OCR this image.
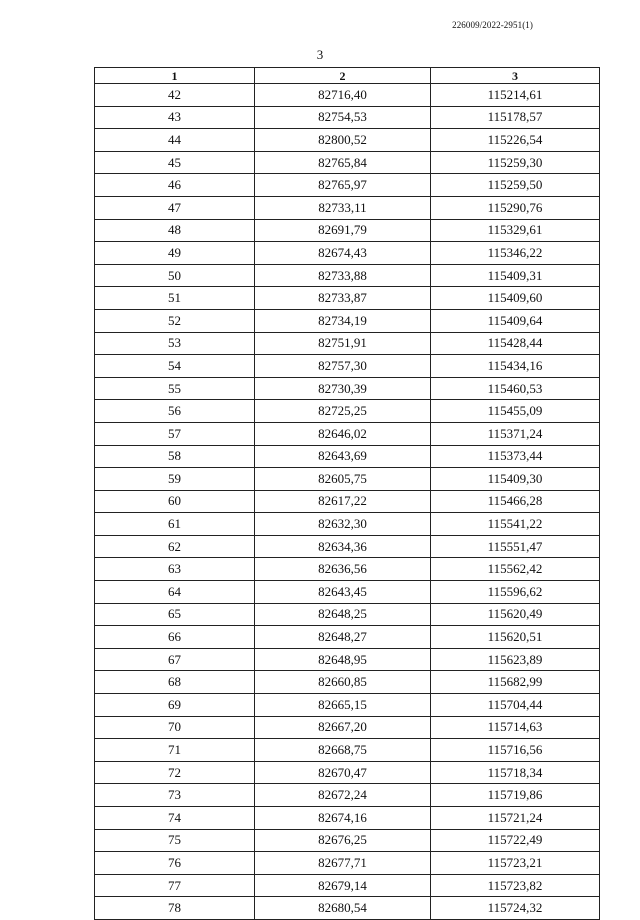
226009/2022-2951(1)
3
1	2	3
42	82716,40	115214,61
43	82754,53	115178,57
44	82800,52	115226,54
45	82765,84	115259,30
46	82765,97	115259,50
47	82733,11	115290,76
48	82691,79	115329,61
49	82674,43	115346,22
50	82733,88	115409,31
51	82733,87	115409,60
52	82734,19	115409,64
53	82751,91	115428,44
54	82757,30	115434,16
55	82730,39	115460,53
56	82725,25	115455,09
57	82646,02	115371,24
58	82643,69	115373,44
59	82605,75	115409,30
60	82617,22	115466,28
61	82632,30	115541,22
62	82634,36	115551,47
63	82636,56	115562,42
64	82643,45	115596,62
65	82648,25	115620,49
66	82648,27	115620,51
67	82648,95	115623,89
68	82660,85	115682,99
69	82665,15	115704,44
70	82667,20	115714,63
71	82668,75	115716,56
72	82670,47	115718,34
73	82672,24	115719,86
74	82674,16	115721,24
75	82676,25	115722,49
76	82677,71	115723,21
77	82679,14	115723,82
78	82680,54	115724,32
